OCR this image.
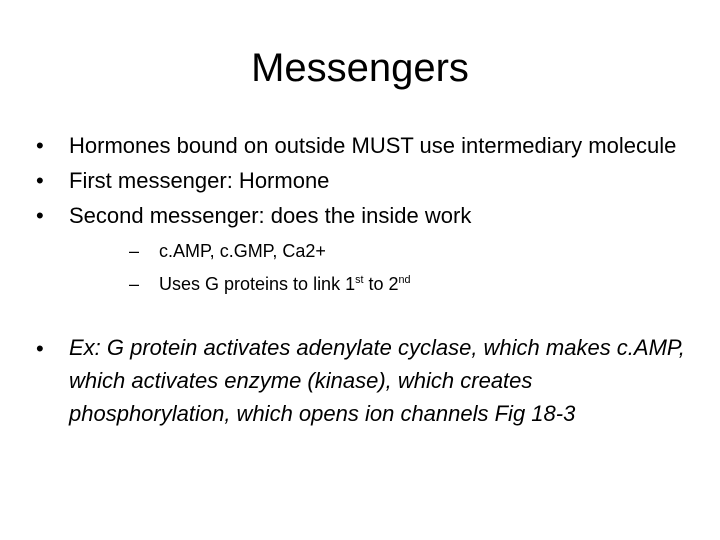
Messengers
•	Hormones bound on outside MUST use intermediary molecule
•	First messenger: Hormone
•	Second messenger: does the inside work
–	c.AMP, c.GMP, Ca2+
–	Uses G proteins to link 1st to 2nd
•	Ex: G protein activates adenylate cyclase, which makes c.AMP, which activates enzyme (kinase), which creates phosphorylation, which opens ion channels Fig 18-3
